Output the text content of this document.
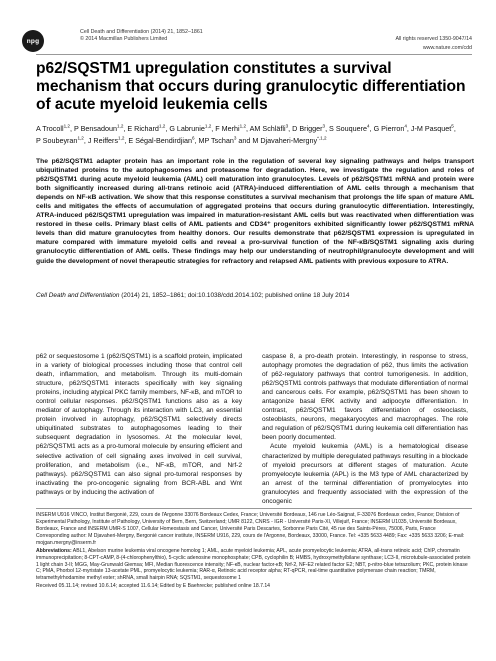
npg
Cell Death and Differentiation (2014) 21, 1852–1861
© 2014 Macmillan Publishers Limited	All rights reserved 1350-9047/14
www.nature.com/cdd
p62/SQSTM1 upregulation constitutes a survival mechanism that occurs during granulocytic differentiation of acute myeloid leukemia cells
A Trocoll$^{1,2}$, P Bensadoun$^{1,2}$, E Richard$^{1,2}$, G Labrunie$^{1,2}$, F Merhi$^{1,2}$, AM Schläfli$^3$, D Brigger$^3$, S Souquere$^4$, G Pierron$^4$, J-M Pasquet$^5$,
P Soubeyran$^{1,2}$, J Reiffers$^{1,2}$, E Ségal-Bendirdjian$^6$, MP Tschan$^3$ and M Djavaheri-Mergny$^{*,1,2}$
The p62/SQSTM1 adapter protein has an important role in the regulation of several key signaling pathways and helps transport ubiquitinated proteins to the autophagosomes and proteasome for degradation. Here, we investigate the regulation and roles of p62/SQSTM1 during acute myeloid leukemia (AML) cell maturation into granulocytes. Levels of p62/SQSTM1 mRNA and protein were both significantly increased during all-trans retinoic acid (ATRA)-induced differentiation of AML cells through a mechanism that depends on NF-κB activation. We show that this response constitutes a survival mechanism that prolongs the life span of mature AML cells and mitigates the effects of accumulation of aggregated proteins that occurs during granulocytic differentiation. Interestingly, ATRA-induced p62/SQSTM1 upregulation was impaired in maturation-resistant AML cells but was reactivated when differentiation was restored in these cells. Primary blast cells of AML patients and CD34⁺ progenitors exhibited significantly lower p62/SQSTM1 mRNA levels than did mature granulocytes from healthy donors. Our results demonstrate that p62/SQSTM1 expression is upregulated in mature compared with immature myeloid cells and reveal a pro-survival function of the NF-κB/SQSTM1 signaling axis during granulocytic differentiation of AML cells. These findings may help our understanding of neutrophil/granulocyte development and will guide the development of novel therapeutic strategies for refractory and relapsed AML patients with previous exposure to ATRA.
Cell Death and Differentiation (2014) 21, 1852–1861; doi:10.1038/cdd.2014.102; published online 18 July 2014

p62 or sequestosome 1 (p62/SQSTM1) is a scaffold protein, implicated in a variety of biological processes including those that control cell death, inflammation, and metabolism. Through its multi-domain structure, p62/SQSTM1 interacts specifically with key signaling proteins, including atypical PKC family members, NF-κB, and mTOR to control cellular responses. p62/SQSTM1 functions also as a key mediator of autophagy. Through its interaction with LC3, an essential protein involved in autophagy, p62/SQSTM1 selectively directs ubiquitinated substrates to autophagosomes leading to their subsequent degradation in lysosomes. At the molecular level, p62/SQSTM1 acts as a pro-tumoral molecule by ensuring efficient and selective activation of cell signaling axes involved in cell survival, proliferation, and metabolism (i.e., NF-κB, mTOR, and Nrf-2 pathways). p62/SQSTM1 can also signal pro-tumoral responses by inactivating the pro-oncogenic signaling from BCR-ABL and Wnt pathways or by inducing the activation of

caspase 8, a pro-death protein. Interestingly, in response to stress, autophagy promotes the degradation of p62, thus limits the activation of p62-regulatory pathways that control tumorigenesis. In addition, p62/SQSTM1 controls pathways that modulate differentiation of normal and cancerous cells. For example, p62/SQSTM1 has been shown to antagonize basal ERK activity and adipocyte differentiation. In contrast, p62/SQSTM1 favors differentiation of osteoclasts, osteoblasts, neurons, megakaryocytes and macrophages. The role and regulation of p62/SQSTM1 during leukemia cell differentiation has been poorly documented.

Acute myeloid leukemia (AML) is a hematological disease characterized by multiple deregulated pathways resulting in a blockade of myeloid precursors at different stages of maturation. Acute promyelocyte leukemia (APL) is the M3 type of AML characterized by an arrest of the terminal differentiation of promyelocytes into granulocytes and frequently associated with the expression of the oncogenic

INSERM U916 VINCO, Institut Bergonié, 229, cours de l'Argonne 33076 Bordeaux Cedex, France; Université Bordeaux, 146 rue Léo-Saignat, F-33076 Bordeaux cedex, France; Division of Experimental Pathology, Institute of Pathology, University of Bern, Bern, Switzerland; UMR 8122, CNRS - IGR - Université Paris-XI, Villejuif, France; INSERM U1035, Université Bordeaux, Bordeaux, France and INSERM UMR-S 1007, Cellular Homeostasis and Cancer, Université Paris Descartes, Sorbonne Paris Cité, 45 rue des Saints-Pères, 75006, Paris, France

Corresponding author: M Djavaheri-Mergny, Bergonié cancer institute, INSERM U916, 229, cours de l'Argonne, Bordeaux, 33000, France. Tel: +335 5633 4489; Fax: +335 5633 3206; E-mail: mojgan.mergny@inserm.fr

Abbreviations: ABL1, Abelson murine leukemia viral oncogene homolog 1; AML, acute myeloid leukemia; APL, acute promyelocytic leukemia; ATRA, all-trans retinoic acid; ChIP, chromatin immunoprecipitation; 8-CPT-cAMP, 8-(4-chlorophenylthio), 5-cyclic adenosine monophosphate; CPB, cyclophilin B; HMBS, hydroxymethylbilane synthase; LC3-II, microtubule-associated protein 1 light chain 3-II; MGG, May-Grunwald Giemsa; MFI, Median fluorescence intensity; NF-κB, nuclear factor-κB; Nrf-2, NF-E2 related factor E2; NBT, p-nitro-blue tetrazolium; PKC, protein kinase C; PMA, Phorbol 12-myristate 13-acetate PML, promyelocytic leukemia; RAR-α, Retinoic acid receptor alpha; RT-qPCR, real-time quantitative polymerase chain reaction; TMRM, tetramethylrhodamine methyl ester; shRNA, small hairpin RNA; SQSTM1, sequestosome 1

Received 05.11.14; revised 10.6.14; accepted 11.6.14; Edited by E Baehrecke; published online 18.7.14
